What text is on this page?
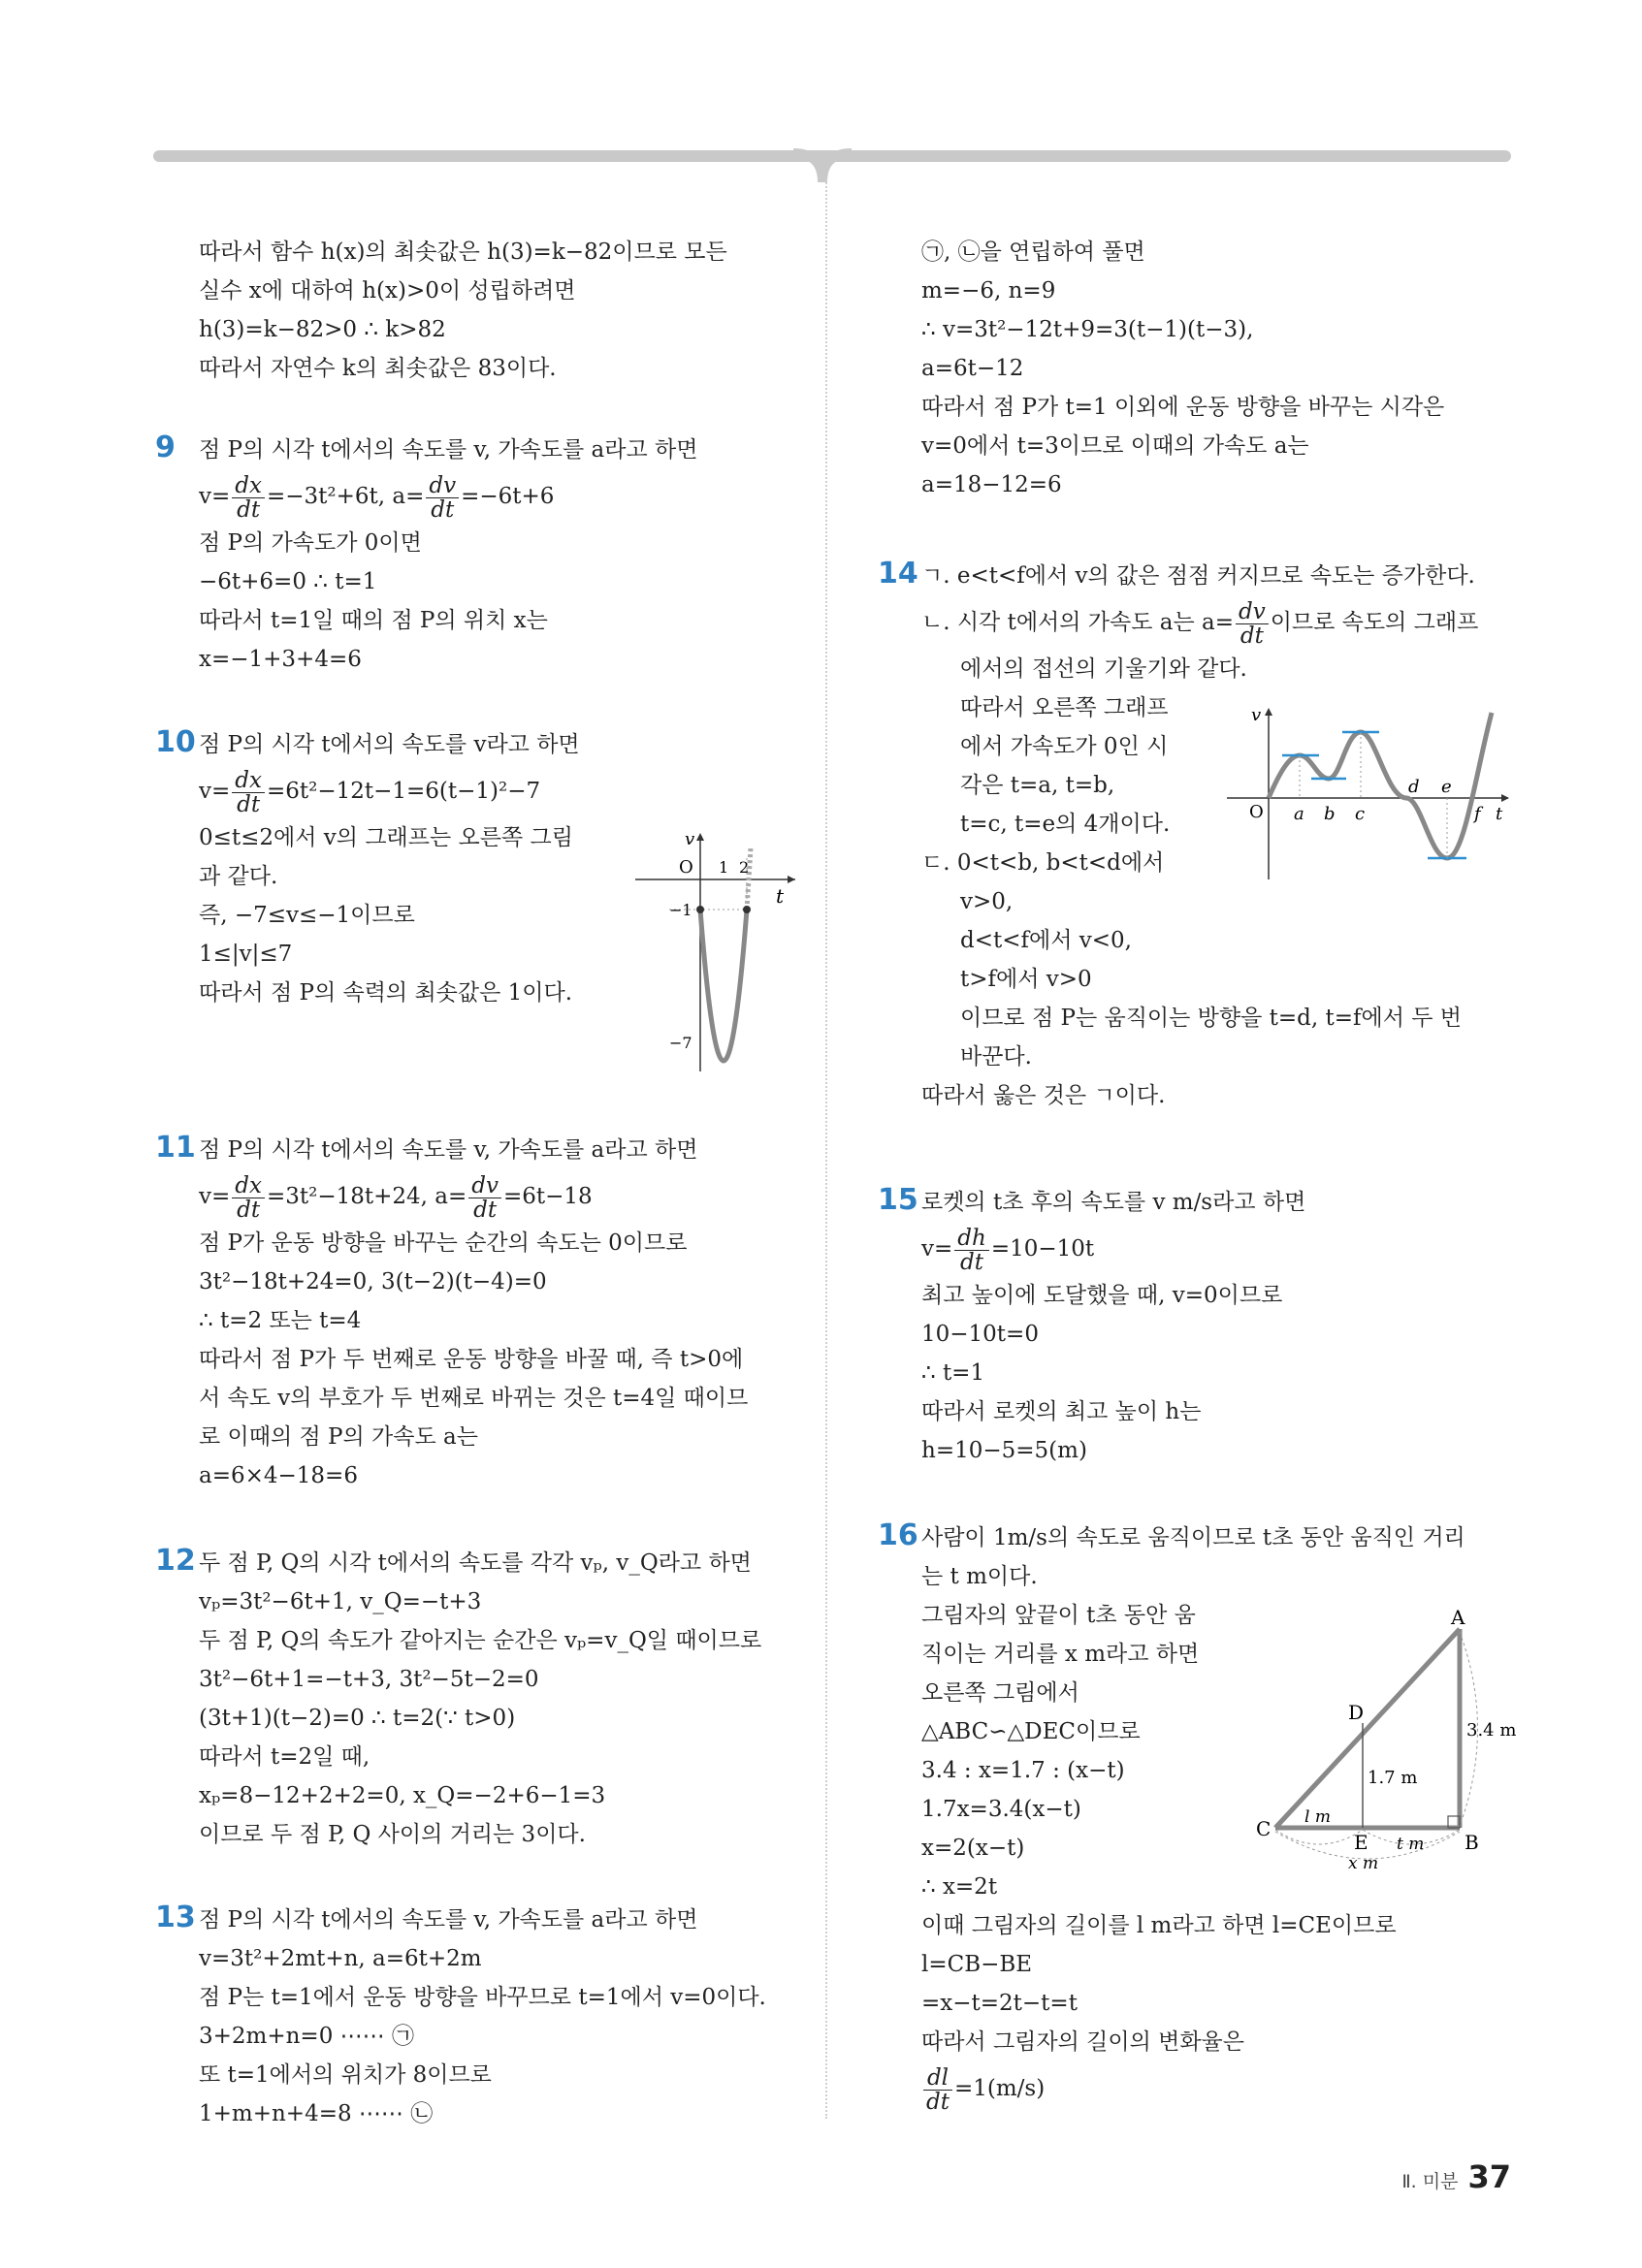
따라서 함수 h(x)의 최솟값은 h(3)=k−82이므로 모든
실수 x에 대하여 h(x)>0이 성립하려면
h(3)=k−82>0 ∴ k>82
따라서 자연수 k의 최솟값은 83이다.
9 점 P의 시각 t에서의 속도를 v, 가속도를 a라고 하면
$v= \frac{dx}{dt} =-3t^2+6t$, $a= \frac{dv}{dt} =-6t+6$
점 P의 가속도가 0이면
−6t+6=0 ∴ t=1
따라서 t=1일 때의 점 P의 위치 x는
x=−1+3+4=6
10 점 P의 시각 t에서의 속도를 v라고 하면
$v= \frac{dx}{dt} =6t^2-12t-1=6(t-1)^2-7$
0≤t≤2에서 v의 그래프는 오른쪽 그림
과 같다.
즉, −7≤v≤−1이므로
1≤|v|≤7
따라서 점 P의 속력의 최솟값은 1이다.
v
t
O 1 2
−1
−7
11 점 P의 시각 t에서의 속도를 v, 가속도를 a라고 하면
$v= \frac{dx}{dt} =3t^2-18t+24$, $a= \frac{dv}{dt} =6t-18$
점 P가 운동 방향을 바꾸는 순간의 속도는 0이므로
3t²−18t+24=0, 3(t−2)(t−4)=0
∴ t=2 또는 t=4
따라서 점 P가 두 번째로 운동 방향을 바꿀 때, 즉 t>0에
서 속도 v의 부호가 두 번째로 바뀌는 것은 t=4일 때이므
로 이때의 점 P의 가속도 a는
a=6×4−18=6
12 두 점 P, Q의 시각 t에서의 속도를 각각 vₚ, v_Q라고 하면
vₚ=3t²−6t+1, v_Q=−t+3
두 점 P, Q의 속도가 같아지는 순간은 vₚ=v_Q일 때이므로
3t²−6t+1=−t+3, 3t²−5t−2=0
(3t+1)(t−2)=0 ∴ t=2(∵ t>0)
따라서 t=2일 때,
xₚ=8−12+2+2=0, x_Q=−2+6−1=3
이므로 두 점 P, Q 사이의 거리는 3이다.
13 점 P의 시각 t에서의 속도를 v, 가속도를 a라고 하면
v=3t²+2mt+n, a=6t+2m
점 P는 t=1에서 운동 방향을 바꾸므로 t=1에서 v=0이다.
3+2m+n=0 ⋯⋯ ㉠
또 t=1에서의 위치가 8이므로
1+m+n+4=8 ⋯⋯ ㉡
㉠, ㉡을 연립하여 풀면
m=−6, n=9
∴ v=3t²−12t+9=3(t−1)(t−3),
a=6t−12
따라서 점 P가 t=1 이외에 운동 방향을 바꾸는 시각은
v=0에서 t=3이므로 이때의 가속도 a는
a=18−12=6
14 ㄱ. e<t<f에서 v의 값은 점점 커지므로 속도는 증가한다.
ㄴ. 시각 t에서의 가속도 a는 $a= \frac{dv}{dt}$ 이므로 속도의 그래프
에서의 접선의 기울기와 같다.
따라서 오른쪽 그래프
에서 가속도가 0인 시
각은 t=a, t=b,
t=c, t=e의 4개이다.
ㄷ. 0<t<b, b<t<d에서
v>0,
d<t<f에서 v<0,
t>f에서 v>0
이므로 점 P는 움직이는 방향을 t=d, t=f에서 두 번
바꾼다.
따라서 옳은 것은 ㄱ이다.
v
O a b c
d e
f t
15 로켓의 t초 후의 속도를 v m/s라고 하면
$v= \frac{dh}{dt} =10-10t$
최고 높이에 도달했을 때, v=0이므로
10−10t=0
∴ t=1
따라서 로켓의 최고 높이 h는
h=10−5=5(m)
16 사람이 1m/s의 속도로 움직이므로 t초 동안 움직인 거리
는 t m이다.
그림자의 앞끝이 t초 동안 움
직이는 거리를 x m라고 하면
오른쪽 그림에서
△ABC∽△DEC이므로
3.4 : x=1.7 : (x−t)
1.7x=3.4(x−t)
x=2(x−t)
∴ x=2t
이때 그림자의 길이를 l m라고 하면 l=CE이므로
l=CB−BE
=x−t=2t−t=t
따라서 그림자의 길이의 변화율은
$\frac{dl}{dt} =1(m/s)$
A
B
C
D
E
3.4 m
1.7 m
l m
t m
x m
Ⅱ. 미분 37
